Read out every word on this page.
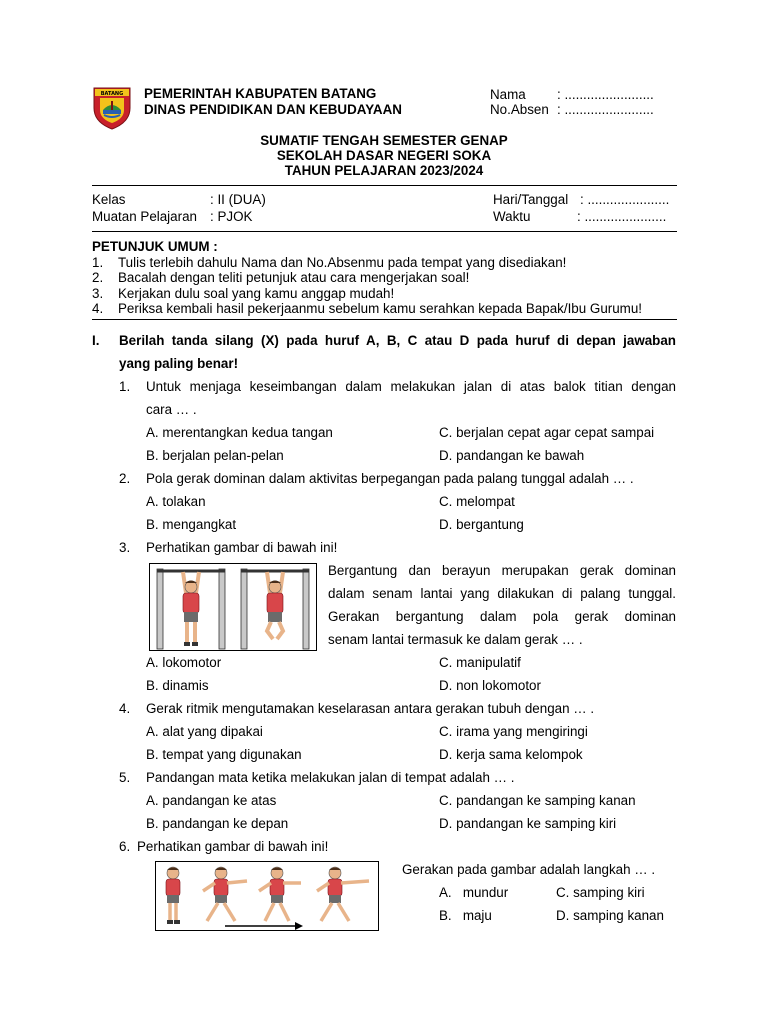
BATANG PEMERINTAH KABUPATEN BATANG
DINAS PENDIDIKAN DAN KEBUDAYAAN
Nama : ........................
No.Absen : ........................
SUMATIF TENGAH SEMESTER GENAP
SEKOLAH DASAR NEGERI SOKA
TAHUN PELAJARAN 2023/2024
Kelas	: II (DUA)
Muatan Pelajaran : PJOK
Hari/Tanggal : ......................
Waktu	: ......................
PETUNJUK UMUM :
1. Tulis terlebih dahulu Nama dan No.Absenmu pada tempat yang disediakan!
2. Bacalah dengan teliti petunjuk atau cara mengerjakan soal!
3. Kerjakan dulu soal yang kamu anggap mudah!
4. Periksa kembali hasil pekerjaanmu sebelum kamu serahkan kepada Bapak/Ibu Gurumu!
I. Berilah tanda silang (X) pada huruf A, B, C atau D pada huruf di depan jawaban
yang paling benar!
1. Untuk menjaga keseimbangan dalam melakukan jalan di atas balok titian dengan
cara … .
A. merentangkan kedua tangan	C. berjalan cepat agar cepat sampai
B. berjalan pelan-pelan	D. pandangan ke bawah
2. Pola gerak dominan dalam aktivitas berpegangan pada palang tunggal adalah … .
A. tolakan	C. melompat
B. mengangkat	D. bergantung
3. Perhatikan gambar di bawah ini!
Bergantung dan berayun merupakan gerak dominan
dalam senam lantai yang dilakukan di palang tunggal.
Gerakan bergantung dalam pola gerak dominan
senam lantai termasuk ke dalam gerak … .
A. lokomotor	C. manipulatif
B. dinamis	D. non lokomotor
4. Gerak ritmik mengutamakan keselarasan antara gerakan tubuh dengan … .
A. alat yang dipakai	C. irama yang mengiringi
B. tempat yang digunakan	D. kerja sama kelompok
5. Pandangan mata ketika melakukan jalan di tempat adalah … .
A. pandangan ke atas	C. pandangan ke samping kanan
B. pandangan ke depan	D. pandangan ke samping kiri
6. Perhatikan gambar di bawah ini!
Gerakan pada gambar adalah langkah … .
A.   mundur	C. samping kiri
B.   maju	D. samping kanan
